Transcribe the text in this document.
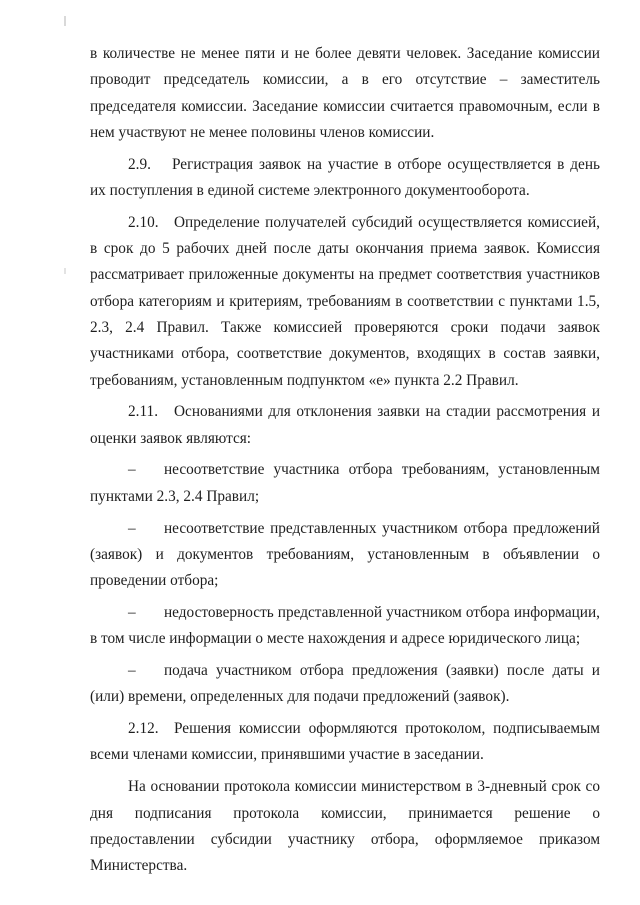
в количестве не менее пяти и не более девяти человек. Заседание комиссии проводит председатель комиссии, а в его отсутствие – заместитель председателя комиссии. Заседание комиссии считается правомочным, если в нем участвуют не менее половины членов комиссии.

2.9. Регистрация заявок на участие в отборе осуществляется в день их поступления в единой системе электронного документооборота.

2.10. Определение получателей субсидий осуществляется комиссией, в срок до 5 рабочих дней после даты окончания приема заявок. Комиссия рассматривает приложенные документы на предмет соответствия участников отбора категориям и критериям, требованиям в соответствии с пунктами 1.5, 2.3, 2.4 Правил. Также комиссией проверяются сроки подачи заявок участниками отбора, соответствие документов, входящих в состав заявки, требованиям, установленным подпунктом «е» пункта 2.2 Правил.

2.11. Основаниями для отклонения заявки на стадии рассмотрения и оценки заявок являются:

– несоответствие участника отбора требованиям, установленным пунктами 2.3, 2.4 Правил;

– несоответствие представленных участником отбора предложений (заявок) и документов требованиям, установленным в объявлении о проведении отбора;

– недостоверность представленной участником отбора информации, в том числе информации о месте нахождения и адресе юридического лица;

– подача участником отбора предложения (заявки) после даты и (или) времени, определенных для подачи предложений (заявок).

2.12. Решения комиссии оформляются протоколом, подписываемым всеми членами комиссии, принявшими участие в заседании.

На основании протокола комиссии министерством в 3-дневный срок со дня подписания протокола комиссии, принимается решение о предоставлении субсидии участнику отбора, оформляемое приказом Министерства.
